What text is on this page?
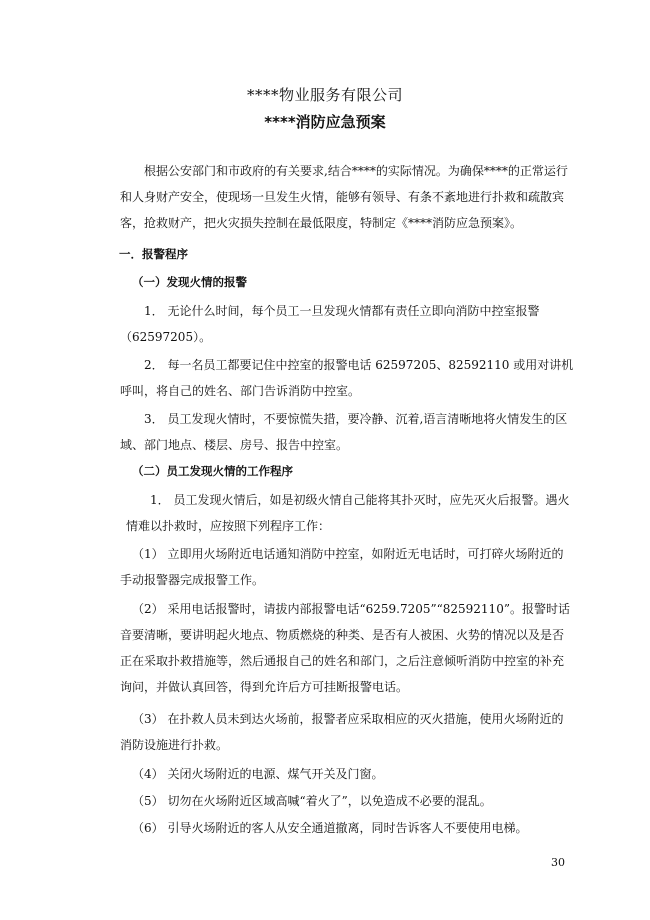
****物业服务有限公司
****消防应急预案

根据公安部门和市政府的有关要求,结合****的实际情况。为确保****的正常运行和人身财产安全，使现场一旦发生火情，能够有领导、有条不紊地进行扑救和疏散宾客，抢救财产，把火灾损失控制在最低限度，特制定《****消防应急预案》。

一．报警程序
（一）发现火情的报警

1． 无论什么时间，每个员工一旦发现火情都有责任立即向消防中控室报警（62597205）。

2． 每一名员工都要记住中控室的报警电话 62597205、82592110 或用对讲机呼叫，将自己的姓名、部门告诉消防中控室。

3． 员工发现火情时，不要惊慌失措，要冷静、沉着,语言清晰地将火情发生的区域、部门地点、楼层、房号、报告中控室。

（二）员工发现火情的工作程序

1． 员工发现火情后，如是初级火情自己能将其扑灭时，应先灭火后报警。遇火情难以扑救时，应按照下列程序工作：

（1） 立即用火场附近电话通知消防中控室，如附近无电话时，可打碎火场附近的手动报警器完成报警工作。

（2） 采用电话报警时，请拔内部报警电话“6259.7205”“82592110”。报警时话音要清晰，要讲明起火地点、物质燃烧的种类、是否有人被困、火势的情况以及是否正在采取扑救措施等，然后通报自己的姓名和部门，之后注意倾听消防中控室的补充询问，并做认真回答，得到允许后方可挂断报警电话。

（3） 在扑救人员未到达火场前，报警者应采取相应的灭火措施，使用火场附近的消防设施进行扑救。

（4） 关闭火场附近的电源、煤气开关及门窗。

（5） 切勿在火场附近区域高喊“着火了”，以免造成不必要的混乱。

（6） 引导火场附近的客人从安全通道撤离，同时告诉客人不要使用电梯。

30
